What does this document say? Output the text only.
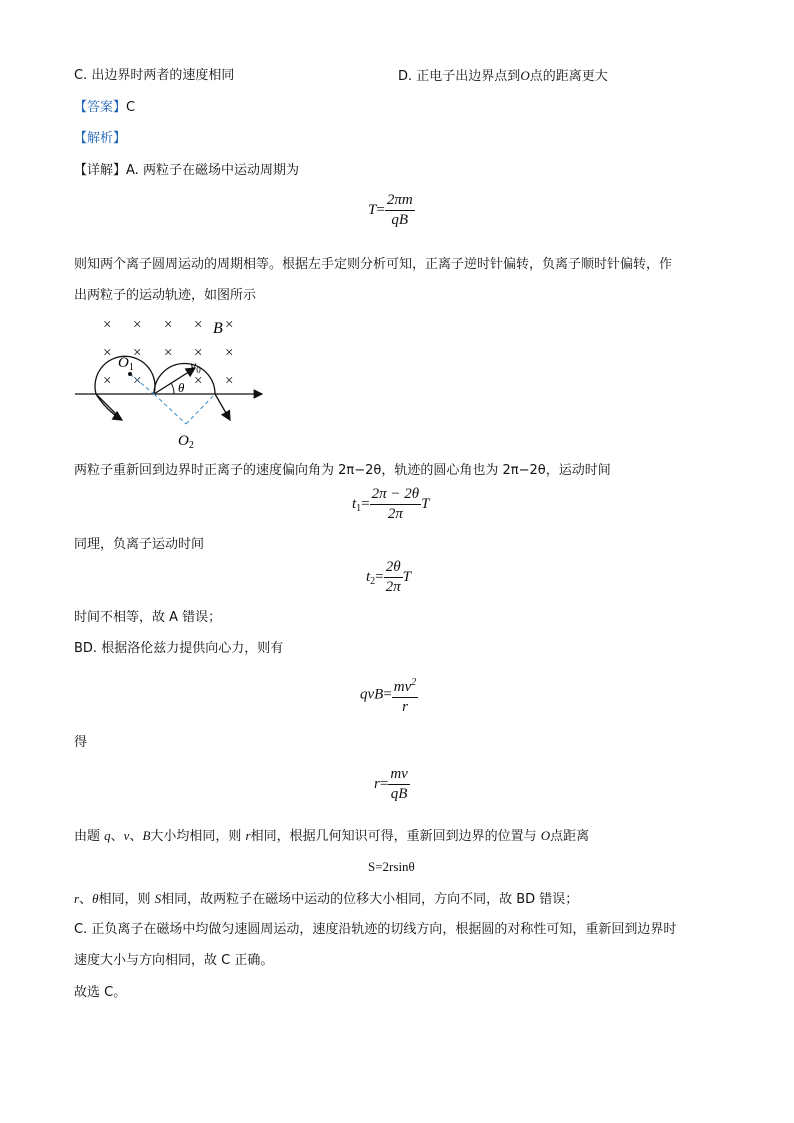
C. 出边界时两者的速度相同	D. 正电子出边界点到O点的距离更大
【答案】C
【解析】
【详解】A. 两粒子在磁场中运动周期为
$T= \frac{2\pi m}{qB}$
则知两个离子圆周运动的周期相等。根据左手定则分析可知，正离子逆时针偏转，负离子顺时针偏转，作
出两粒子的运动轨迹，如图所示
× × × × ×
× × × × ×
× ×	× ×
B
$O_1$
$O_2$
$v_0$
θ
两粒子重新回到边界时正离子的速度偏向角为 2π−2θ，轨迹的圆心角也为 2π−2θ，运动时间
$t_1= \frac{2\pi - 2\theta}{2\pi}$ T
同理，负离子运动时间
$t_2= \frac{2\theta}{2\pi}$ T
时间不相等，故 A 错误；
BD. 根据洛伦兹力提供向心力，则有
$qvB= \frac{mv^2}{r}$
得
$r= \frac{mv}{qB}$
由题 q、v、B大小均相同，则 r相同，根据几何知识可得，重新回到边界的位置与 O点距离
S=2rsinθ
r、θ相同，则 S相同，故两粒子在磁场中运动的位移大小相同，方向不同，故 BD 错误；
C. 正负离子在磁场中均做匀速圆周运动，速度沿轨迹的切线方向，根据圆的对称性可知，重新回到边界时
速度大小与方向相同，故 C 正确。
故选 C。
